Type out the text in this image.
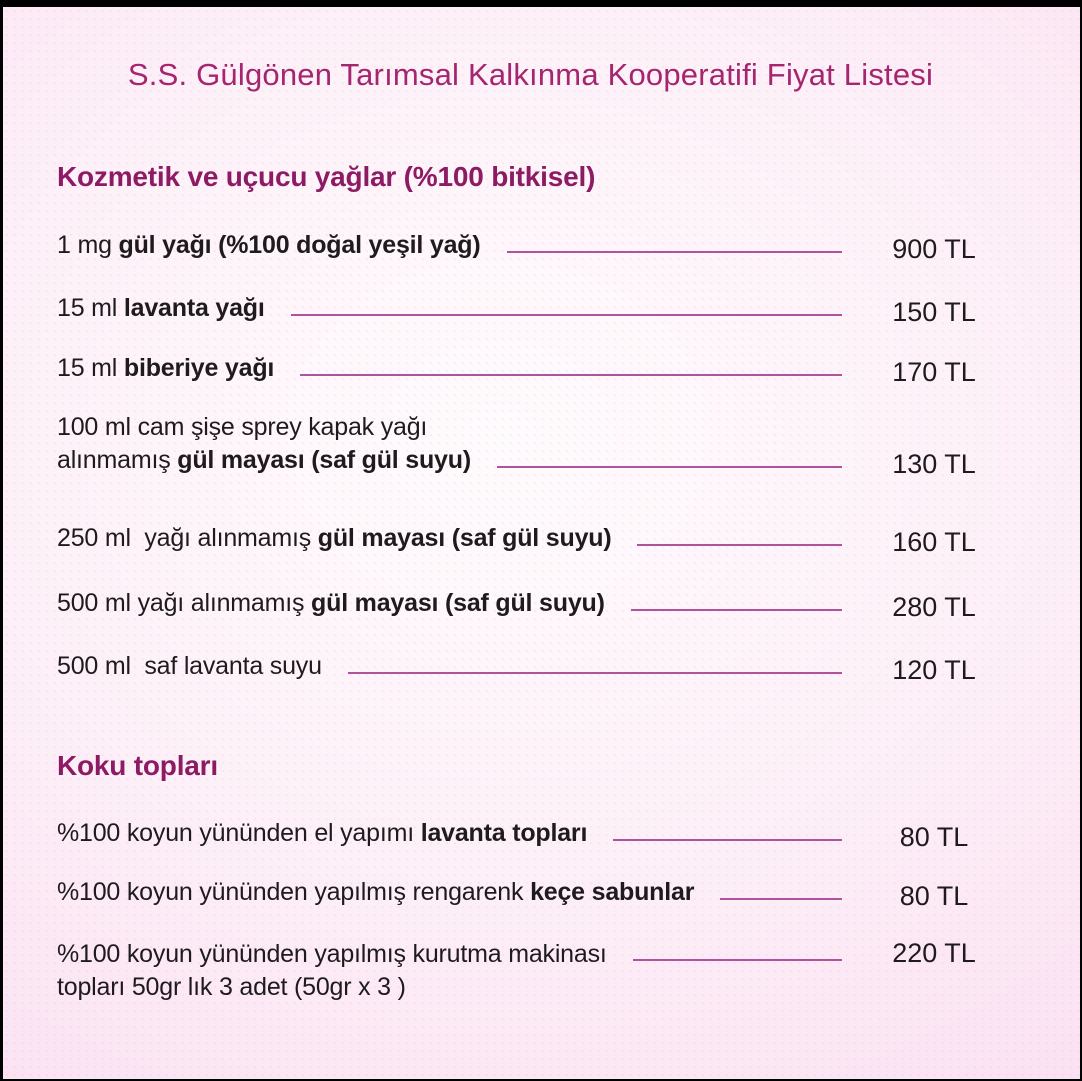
S.S. Gülgönen Tarımsal Kalkınma Kooperatifi Fiyat Listesi
Kozmetik ve uçucu yağlar (%100 bitkisel)
1 mg gül yağı (%100 doğal yeşil yağ)	900 TL
15 ml lavanta yağı	150 TL
15 ml biberiye yağı	170 TL
100 ml cam şişe sprey kapak yağı
alınmamış gül mayası (saf gül suyu)	130 TL
250 ml  yağı alınmamış gül mayası (saf gül suyu)	160 TL
500 ml yağı alınmamış gül mayası (saf gül suyu)	280 TL
500 ml  saf lavanta suyu	120 TL
Koku topları
%100 koyun yününden el yapımı lavanta topları	80 TL
%100 koyun yününden yapılmış rengarenk keçe sabunlar	80 TL
%100 koyun yününden yapılmış kurutma makinası
topları 50gr lık 3 adet (50gr x 3 )
220 TL
